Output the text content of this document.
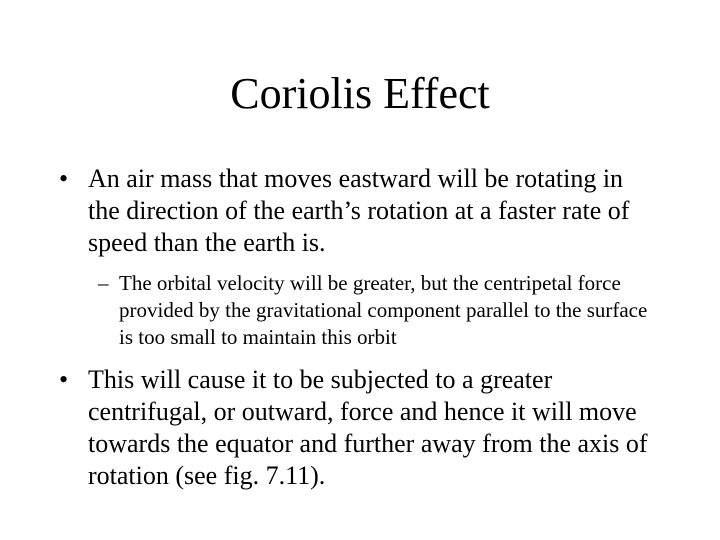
Coriolis Effect
• An air mass that moves eastward will be rotating in the direction of the earth’s rotation at a faster rate of speed than the earth is.
– The orbital velocity will be greater, but the centripetal force provided by the gravitational component parallel to the surface is too small to maintain this orbit
• This will cause it to be subjected to a greater centrifugal, or outward, force and hence it will move towards the equator and further away from the axis of rotation (see fig. 7.11).
